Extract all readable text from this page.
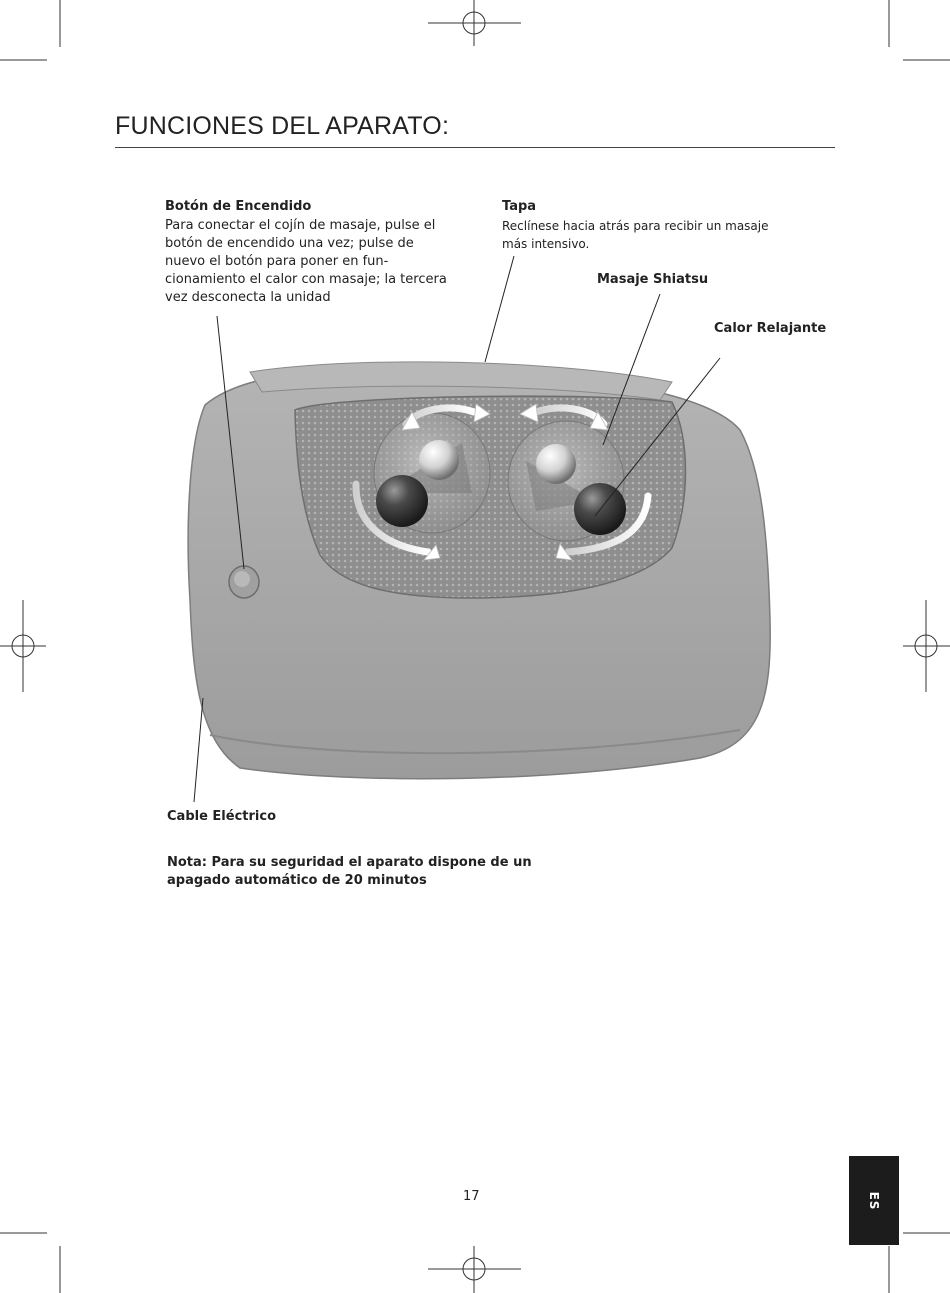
FUNCIONES DEL APARATO:
Botón de Encendido
Para conectar el cojín de masaje, pulse el
botón de encendido una vez; pulse de
nuevo el botón para poner en fun-
cionamiento el calor con masaje; la tercera
vez desconecta la unidad
Tapa
Reclínese hacia atrás para recibir un masaje
más intensivo.
Masaje Shiatsu
Calor Relajante
Cable Eléctrico
Nota: Para su seguridad el aparato dispone de un
apagado automático de 20 minutos
17	ES
